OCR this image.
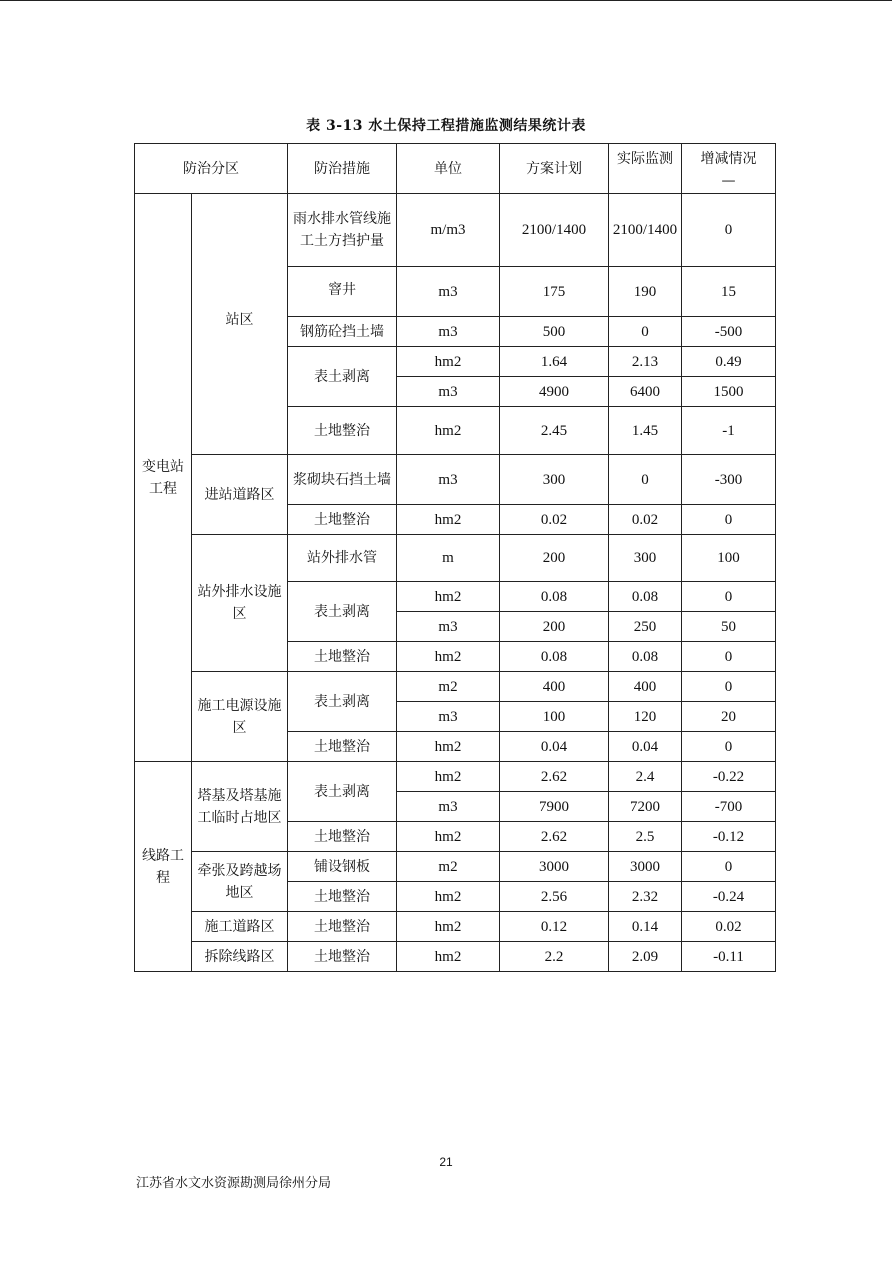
表 3-13 水土保持工程措施监测结果统计表
防治分区		防治措施	单位	方案计划	实际监测	增减情况
—

变电站工程	站区	雨水排水管线施工土方挡护量	m/m3	2100/1400	2100/1400	0
		窨井	m3	175	190	15
		钢筋砼挡土墙	m3	500	0	-500
		表土剥离	hm2	1.64	2.13	0.49
			m3	4900	6400	1500
		土地整治	hm2	2.45	1.45	-1
	进站道路区	浆砌块石挡土墙	m3	300	0	-300
		土地整治	hm2	0.02	0.02	0
	站外排水设施区	站外排水管	m	200	300	100
		表土剥离	hm2	0.08	0.08	0
			m3	200	250	50
		土地整治	hm2	0.08	0.08	0
	施工电源设施区	表土剥离	m2	400	400	0
			m3	100	120	20
		土地整治	hm2	0.04	0.04	0
线路工程	塔基及塔基施工临时占地区	表土剥离	hm2	2.62	2.4	-0.22
			m3	7900	7200	-700
		土地整治	hm2	2.62	2.5	-0.12
	牵张及跨越场地区	铺设钢板	m2	3000	3000	0
		土地整治	hm2	2.56	2.32	-0.24
	施工道路区	土地整治	hm2	0.12	0.14	0.02
	拆除线路区	土地整治	hm2	2.2	2.09	-0.11
21
江苏省水文水资源勘测局徐州分局
